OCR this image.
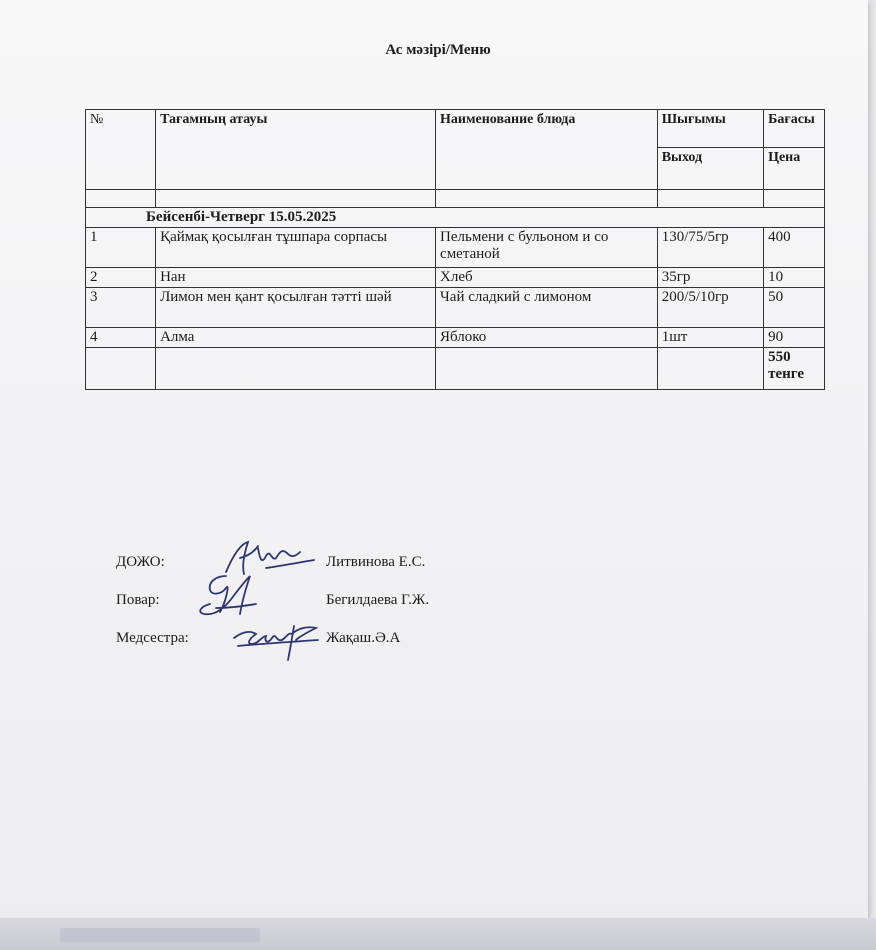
Ас мәзірі/Меню
№	Тағамның атауы	Наименование блюда	Шығымы	Бағасы
			Выход	Цена

Бейсенбі-Четверг 15.05.2025				
1	Қаймақ қосылған тұшпара сорпасы	Пельмени с бульоном и со сметаной	130/75/5гр	400
2	Нан	Хлеб	35гр	10
3	Лимон мен қант қосылған тәтті шәй	Чай сладкий с лимоном	200/5/10гр	50
4	Алма	Яблоко	1шт	90
				550 тенге
ДОЖО:	Литвинова Е.С.
Повар:	Бегилдаева Г.Ж.
Медсестра:	Жақаш.Ә.А
